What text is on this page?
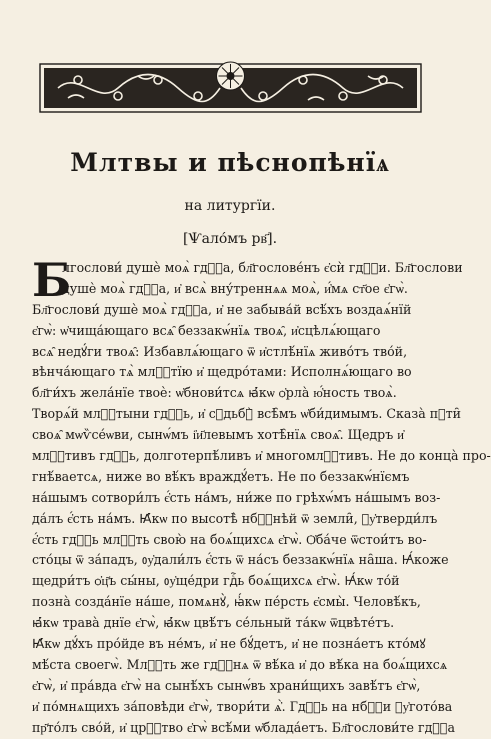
Млтвы и пѣснопѣнїѧ
на литургїи.
[Ѱало́мъ рв҃].
Б
лгослови́ душѐ моѧ̀ гдⷭ҇а, бл҃гослове́нъ є҆сѝ гдⷭ҇и. Бл҃гослови
душѐ моѧ̀ гдⷭ҇а, и҆ всѧ̀ вну́треннѧѧ моѧ̀, и҆́мѧ ст҃ое є҆гѡ̀.
Бл҃гослови́ душѐ моѧ̀ гдⷭ҇а, и҆ не забыва́й всѣ́хъ воздаѧ́нїй
є҆гѡ̀: ѡ҆чища́ющаго всѧ̑ беззакѡ́нїѧ твоѧ̑, и҆сцѣлѧ́ющаго
всѧ̑ недꙋ́ги твоѧ̑: Избавлѧ́ющаго ѿ и҆стлѣ́нїѧ живо́тъ тво́й,
вѣнча́ющаго тѧ̀ млⷭ҇тїю и҆ щедро́тами: Исполнѧ́ющаго во
бл҃ги́хъ жела́нїе твоѐ: ѡ҆бнови́тсѧ ꙗ҆́кѡ ѻ҆рла̀ ю҆́ность твоѧ̀.
Творѧ́й млⷭ҇тыни гдⷭ҇ь, и҆ сꙋдьбꙋ̀ всѣ̑мъ ѡ҆би́димымъ. Сказа̀ пꙋти̑
своѧ̑ мѡѷсе́ѡви, сынѡ́мъ і҆и҃левымъ хотѣ̑нїѧ своѧ̑. Щедръ и҆
млⷭ҇тивъ гдⷭ҇ь, долготерпѣ́ливъ и҆ многомлⷭ҇тивъ. Не до конца̀ про-
гнѣ́ваетсѧ, ниже во вѣ́къ враждꙋ́етъ. Не по беззакѡ́нїємъ
на́шымъ сотвори́лъ є҆́сть на́мъ, ни́же по грѣхѡ́мъ на́шымъ воз-
да́лъ є҆́сть на́мъ. Ꙗ҆́кѡ по высотѣ̀ нбⷭ҇нѣй ѿ земли̑, ᲂу҆тверди́лъ
є҆́сть гдⷭ҇ь млⷭ҇ть свою̀ на боѧ́щихсѧ є҆гѡ̀. Ѻ҆ба́че ѿстои́тъ во-
сто́цы ѿ за́падъ, ᲂу҆дали́лъ є҆́сть ѿ на́съ беззакѡ́нїѧ на̑ша. Ꙗ҆́коже
щедри́тъ ѻ҆ц҃ъ сы́ны, ᲂу҆ще́дри гдⷭ҇ь боѧ́щихсѧ є҆гѡ̀. Ꙗ҆́кѡ то́й
позна̀ созда́нїе на́ше, помѧнꙋ̀, ꙗ҆́кѡ пе́рсть є҆смы̀. Человѣ́къ,
ꙗ҆́кѡ трава̀ днїе є҆гѡ̀, ꙗ҆́кѡ цвѣ́тъ се́льный та́кѡ ѿцвѣте́тъ.
Ꙗ҆́кѡ дꙋ́хъ про́йде въ не́мъ, и҆ не бꙋ́детъ, и҆ не позна́етъ кто́мꙋ
мѣ́ста своегѡ̀. Млⷭ҇ть же гдⷭ҇нѧ ѿ вѣ́ка и҆ до вѣ́ка на боѧ́щихсѧ
є҆гѡ̀, и҆ пра́вда є҆гѡ̀ на сынѣ́хъ сынѡ́въ храни́щихъ завѣ́тъ є҆гѡ̀,
и҆ по́мнѧщихъ за́повѣди є҆гѡ̀, твори́ти ѧ҆̀. Гдⷭ҇ь на нбⷭ҇и ᲂу҆гото́ва
пр҃то́лъ сво́й, и҆ црⷭ҇тво є҆гѡ̀ всѣ́ми ѡ҆блада́етъ. Бл҃гослови́те гдⷭ҇а
